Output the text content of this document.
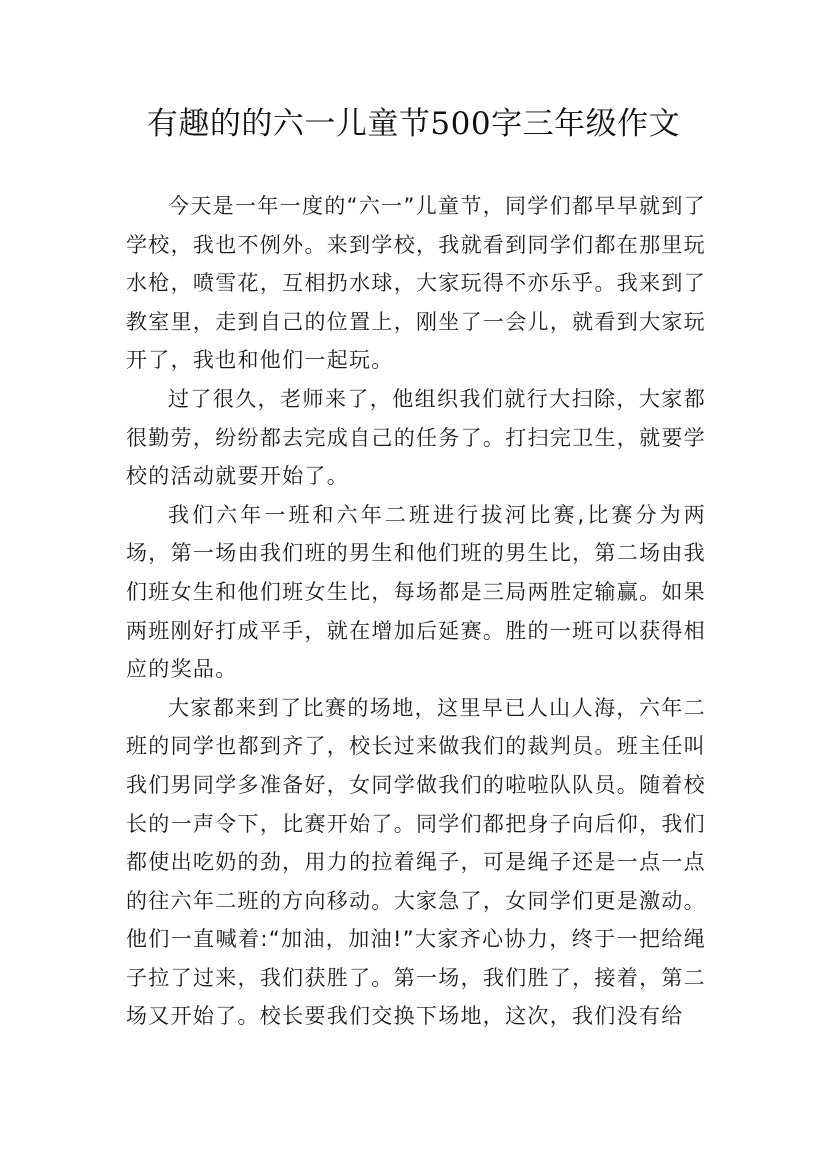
有趣的的六一儿童节500字三年级作文

今天是一年一度的“六一”儿童节，同学们都早早就到了学校，我也不例外。来到学校，我就看到同学们都在那里玩水枪，喷雪花，互相扔水球，大家玩得不亦乐乎。我来到了教室里，走到自己的位置上，刚坐了一会儿，就看到大家玩开了，我也和他们一起玩。

过了很久，老师来了，他组织我们就行大扫除，大家都很勤劳，纷纷都去完成自己的任务了。打扫完卫生，就要学校的活动就要开始了。

我们六年一班和六年二班进行拔河比赛,比赛分为两场，第一场由我们班的男生和他们班的男生比，第二场由我们班女生和他们班女生比，每场都是三局两胜定输赢。如果两班刚好打成平手，就在增加后延赛。胜的一班可以获得相应的奖品。

大家都来到了比赛的场地，这里早已人山人海，六年二班的同学也都到齐了，校长过来做我们的裁判员。班主任叫我们男同学多准备好，女同学做我们的啦啦队队员。随着校长的一声令下，比赛开始了。同学们都把身子向后仰，我们都使出吃奶的劲，用力的拉着绳子，可是绳子还是一点一点的往六年二班的方向移动。大家急了，女同学们更是激动。他们一直喊着:“加油，加油!”大家齐心协力，终于一把给绳子拉了过来，我们获胜了。第一场，我们胜了，接着，第二场又开始了。校长要我们交换下场地，这次，我们没有给
